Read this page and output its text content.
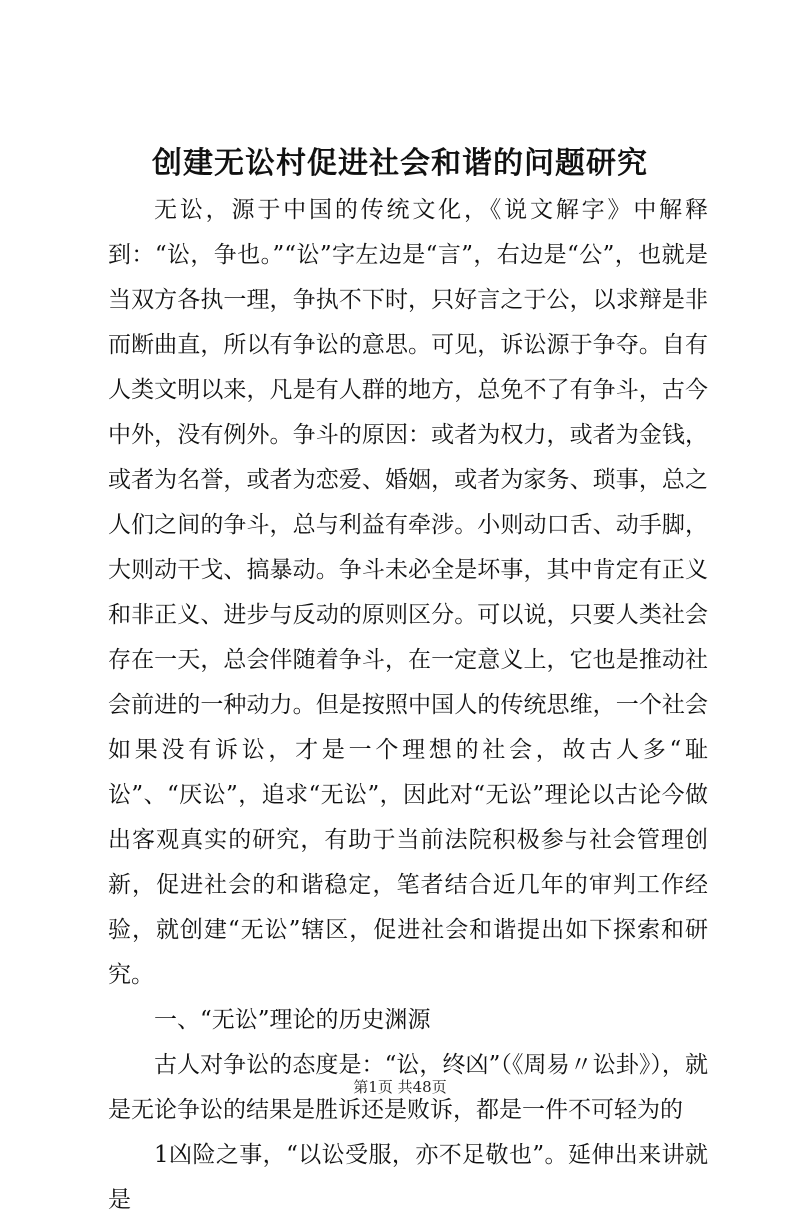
创建无讼村促进社会和谐的问题研究

无讼，源于中国的传统文化，《说文解字》中解释到：“讼，争也。”“讼”字左边是“言”，右边是“公”，也就是当双方各执一理，争执不下时，只好言之于公，以求辩是非而断曲直，所以有争讼的意思。可见，诉讼源于争夺。自有人类文明以来，凡是有人群的地方，总免不了有争斗，古今中外，没有例外。争斗的原因：或者为权力，或者为金钱，或者为名誉，或者为恋爱、婚姻，或者为家务、琐事，总之人们之间的争斗，总与利益有牵涉。小则动口舌、动手脚，大则动干戈、搞暴动。争斗未必全是坏事，其中肯定有正义和非正义、进步与反动的原则区分。可以说，只要人类社会存在一天，总会伴随着争斗，在一定意义上，它也是推动社会前进的一种动力。但是按照中国人的传统思维，一个社会如果没有诉讼，才是一个理想的社会，故古人多“耻讼”、“厌讼”，追求“无讼”，因此对“无讼”理论以古论今做出客观真实的研究，有助于当前法院积极参与社会管理创新，促进社会的和谐稳定，笔者结合近几年的审判工作经验，就创建“无讼”辖区，促进社会和谐提出如下探索和研究。

一、“无讼”理论的历史渊源

古人对争讼的态度是：“讼，终凶”（《周易〃讼卦》），就是无论争讼的结果是胜诉还是败诉，都是一件不可轻为的

1凶险之事，“以讼受服，亦不足敬也”。延伸出来讲就是

第1页 共48页
